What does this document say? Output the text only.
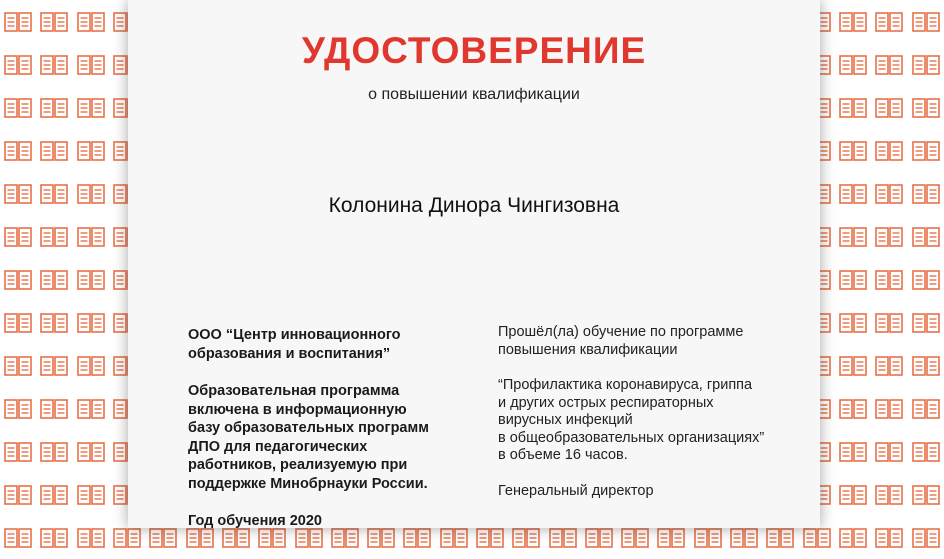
УДОСТОВЕРЕНИЕ
о повышении квалификации
Колонина Динора Чингизовна

ООО “Центр инновационного
образования и воспитания”

Образовательная программа
включена в информационную
базу образовательных программ
ДПО для педагогических
работников, реализуемую при
поддержке Минобрнауки России.

Год обучения 2020

Прошёл(ла) обучение по программе
повышения квалификации

“Профилактика коронавируса, гриппа
и других острых респираторных
вирусных инфекций
в общеобразовательных организациях”
в объеме 16 часов.

Генеральный директор
